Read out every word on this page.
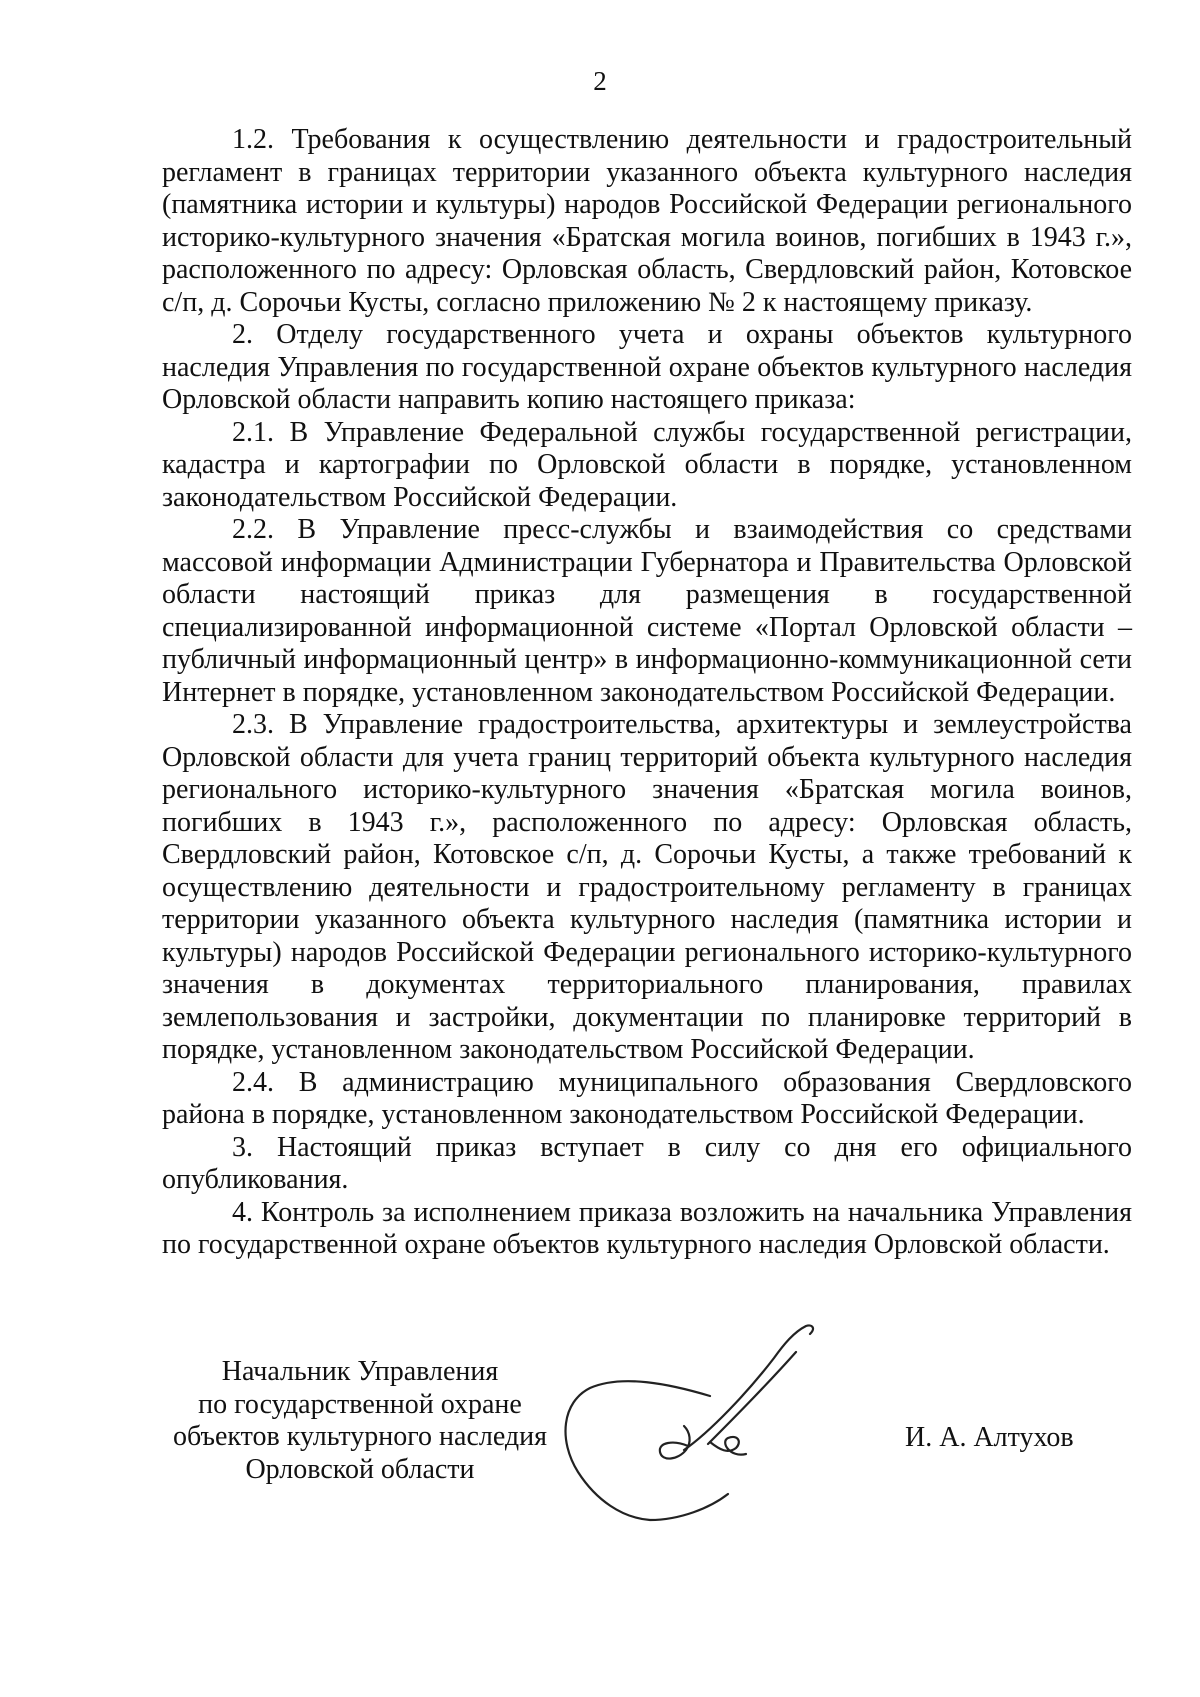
2

1.2. Требования к осуществлению деятельности и градостроительный регламент в границах территории указанного объекта культурного наследия (памятника истории и культуры) народов Российской Федерации регионального историко-культурного значения «Братская могила воинов, погибших в 1943 г.», расположенного по адресу: Орловская область, Свердловский район, Котовское с/п, д. Сорочьи Кусты, согласно приложению № 2 к настоящему приказу.

2. Отделу государственного учета и охраны объектов культурного наследия Управления по государственной охране объектов культурного наследия Орловской области направить копию настоящего приказа:

2.1. В Управление Федеральной службы государственной регистрации, кадастра и картографии по Орловской области в порядке, установленном законодательством Российской Федерации.

2.2. В Управление пресс-службы и взаимодействия со средствами массовой информации Администрации Губернатора и Правительства Орловской области настоящий приказ для размещения в государственной специализированной информационной системе «Портал Орловской области – публичный информационный центр» в информационно-коммуникационной сети Интернет в порядке, установленном законодательством Российской Федерации.

2.3. В Управление градостроительства, архитектуры и землеустройства Орловской области для учета границ территорий объекта культурного наследия регионального историко-культурного значения «Братская могила воинов, погибших в 1943 г.», расположенного по адресу: Орловская область, Свердловский район, Котовское с/п, д. Сорочьи Кусты, а также требований к осуществлению деятельности и градостроительному регламенту в границах территории указанного объекта культурного наследия (памятника истории и культуры) народов Российской Федерации регионального историко-культурного значения в документах территориального планирования, правилах землепользования и застройки, документации по планировке территорий в порядке, установленном законодательством Российской Федерации.

2.4. В администрацию муниципального образования Свердловского района в порядке, установленном законодательством Российской Федерации.

3. Настоящий приказ вступает в силу со дня его официального опубликования.

4. Контроль за исполнением приказа возложить на начальника Управления по государственной охране объектов культурного наследия Орловской области.

Начальник Управления
по государственной охране
объектов культурного наследия
Орловской области
И. А. Алтухов
